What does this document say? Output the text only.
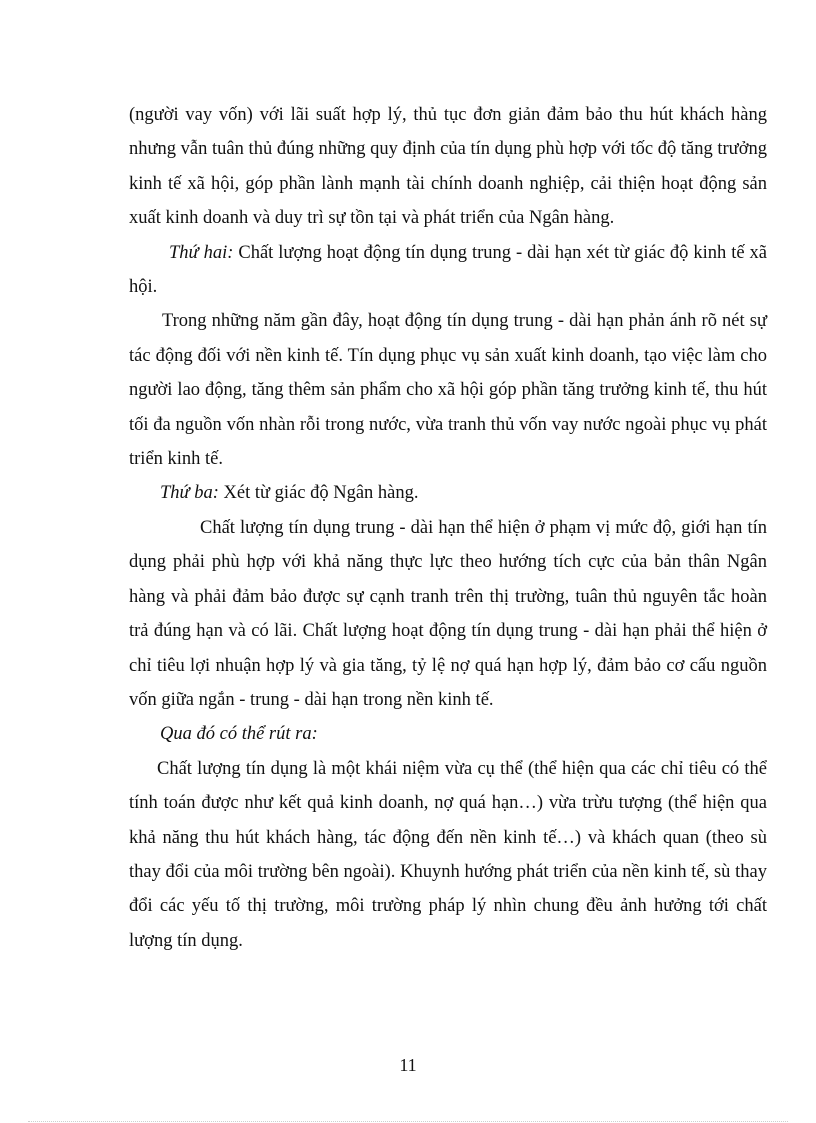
(người vay vốn) với lãi suất hợp lý, thủ tục đơn giản đảm bảo thu hút khách hàng nhưng vẫn tuân thủ đúng những quy định của tín dụng phù hợp với tốc độ tăng trưởng kinh tế xã hội, góp phần lành mạnh tài chính doanh nghiệp, cải thiện hoạt động sản xuất kinh doanh và duy trì sự tồn tại và phát triển của Ngân hàng.

Thứ hai: Chất lượng hoạt động tín dụng trung - dài hạn xét từ giác độ kinh tế xã hội.

Trong những năm gần đây, hoạt động tín dụng trung - dài hạn phản ánh rõ nét sự tác động đối với nền kinh tế. Tín dụng phục vụ sản xuất kinh doanh, tạo việc làm cho người lao động, tăng thêm sản phẩm cho xã hội góp phần tăng trưởng kinh tế, thu hút tối đa nguồn vốn nhàn rỗi trong nước, vừa tranh thủ vốn vay nước ngoài phục vụ phát triển kinh tế.

Thứ ba: Xét từ giác độ Ngân hàng.

Chất lượng tín dụng trung - dài hạn thể hiện ở phạm vị mức độ, giới hạn tín dụng phải phù hợp với khả năng thực lực theo hướng tích cực của bản thân Ngân hàng và phải đảm bảo được sự cạnh tranh trên thị trường, tuân thủ nguyên tắc hoàn trả đúng hạn và có lãi. Chất lượng hoạt động tín dụng trung - dài hạn phải thể hiện ở chỉ tiêu lợi nhuận hợp lý và gia tăng, tỷ lệ nợ quá hạn hợp lý, đảm bảo cơ cấu nguồn vốn giữa ngắn - trung - dài hạn trong nền kinh tế.

Qua đó có thể rút ra:

Chất lượng tín dụng là một khái niệm vừa cụ thể (thể hiện qua các chỉ tiêu có thể tính toán được như kết quả kinh doanh, nợ quá hạn…) vừa trừu tượng (thể hiện qua khả năng thu hút khách hàng, tác động đến nền kinh tế…) và khách quan (theo sù thay đổi của môi trường bên ngoài). Khuynh hướng phát triển của nền kinh tế, sù thay đổi các yếu tố thị trường, môi trường pháp lý nhìn chung đều ảnh hưởng tới chất lượng tín dụng.

11
